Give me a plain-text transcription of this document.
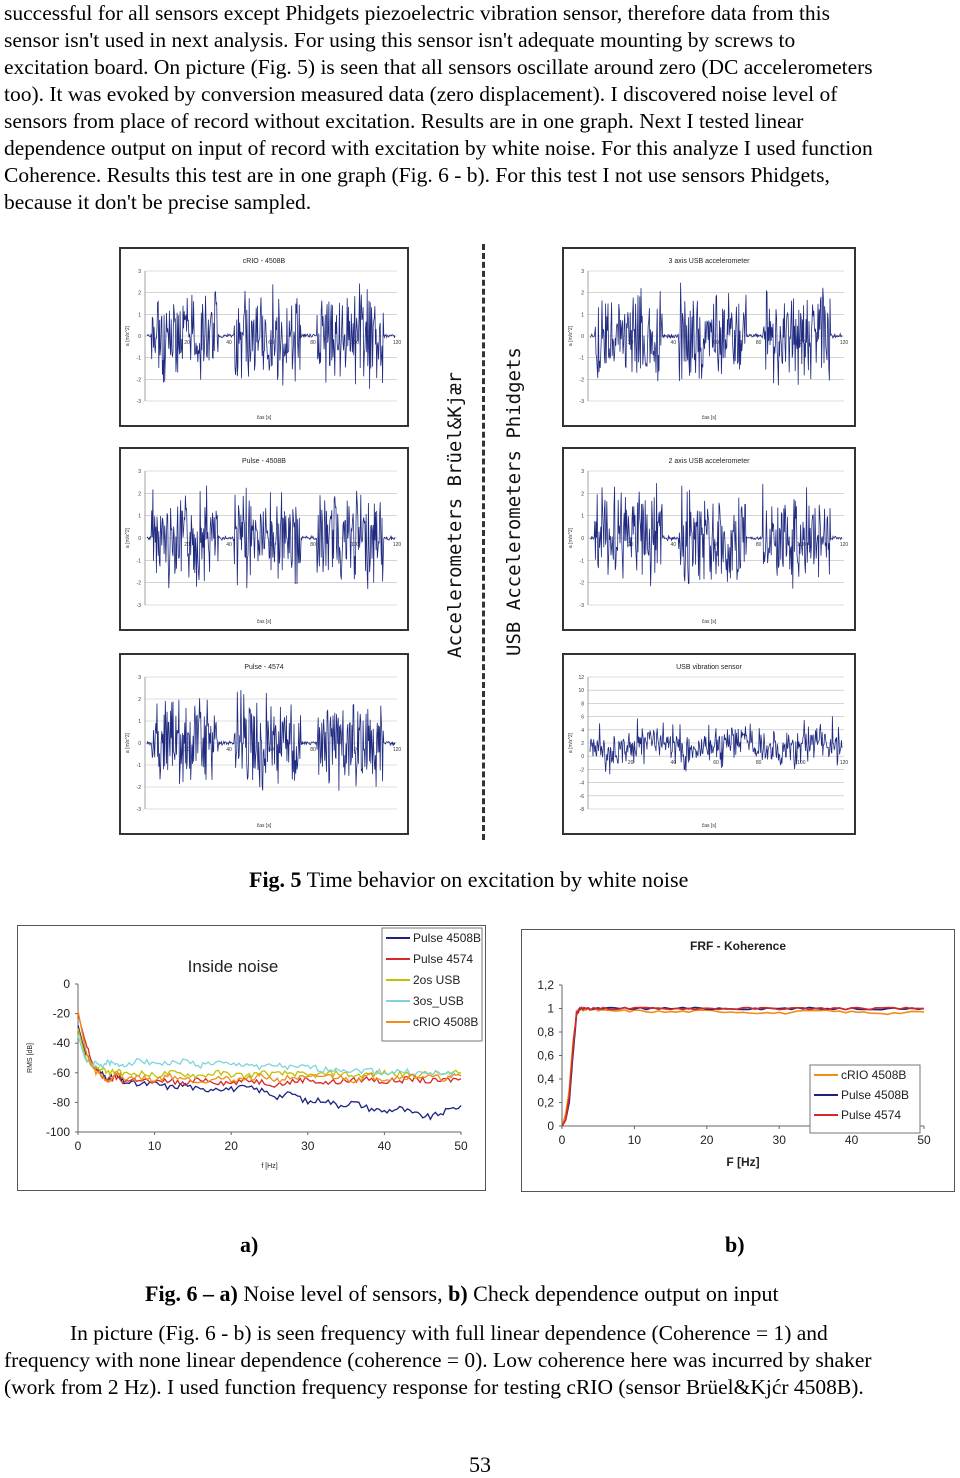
successful for all sensors except Phidgets piezoelectric vibration sensor, therefore data from this
sensor isn't used in next analysis. For using this sensor isn't adequate mounting by screws to
excitation board. On picture (Fig. 5) is seen that all sensors oscillate around zero (DC accelerometers
too). It was evoked by conversion measured data (zero displacement). I discovered noise level of
sensors from place of record without excitation. Results are in one graph. Next I tested linear
dependence output on input of record with excitation by white noise. For this analyze I used function
Coherence. Results this test are in one graph (Fig. 6 - b). For this test I not use sensors Phidgets,
because it don't be precise sampled.
cRIO - 4508B
3
2
1
0
-1
-2
-3
20	40	60	80	100	120
čas [s]
a [m/s^2]
Pulse - 4508B
3
2
1
0
-1
-2
-3
20	40	60	80	100	120
čas [s]
a [m/s^2]
Pulse - 4574
3
2
1
0
-1
-2
-3
20	40	60	80	100	120
čas [s]
a [m/s^2]
3 axis USB accelerometer
3
2
1
0
-1
-2
-3
20	40	60	80	100	120
čas [s]
a [m/s^2]
2 axis USB accelerometer
3
2
1
0
-1
-2
-3
20	40	60	80	100	120
čas [s]
a [m/s^2]
USB vibration sensor
12
10
8
6
4
2
0
-2
-4
-6
-8
20	40	60	80	100	120
čas [s]
a [m/s^2]
Accelerometers Brüel&Kjær USB Accelerometers Phidgets
Fig. 5 Time behavior on excitation by white noise
Inside noise
0
-20
-40
-60
-80
-100
0	10	20	30	40	50
f [Hz]
RMS [dB]
Pulse 4508B
Pulse 4574
2os USB
3os_USB
cRIO 4508B
FRF - Koherence
1,2
1
0,8
0,6
0,4
0,2
0
0	10	20	30	40	50
F [Hz]
cRIO 4508B
Pulse 4508B
Pulse 4574
a)	b)
Fig. 6 – a) Noise level of sensors, b) Check dependence output on input
In picture (Fig. 6 - b) is seen frequency with full linear dependence (Coherence = 1) and
frequency with none linear dependence (coherence = 0). Low coherence here was incurred by shaker
(work from 2 Hz). I used function frequency response for testing cRIO (sensor Brüel&Kjćr 4508B).
53
